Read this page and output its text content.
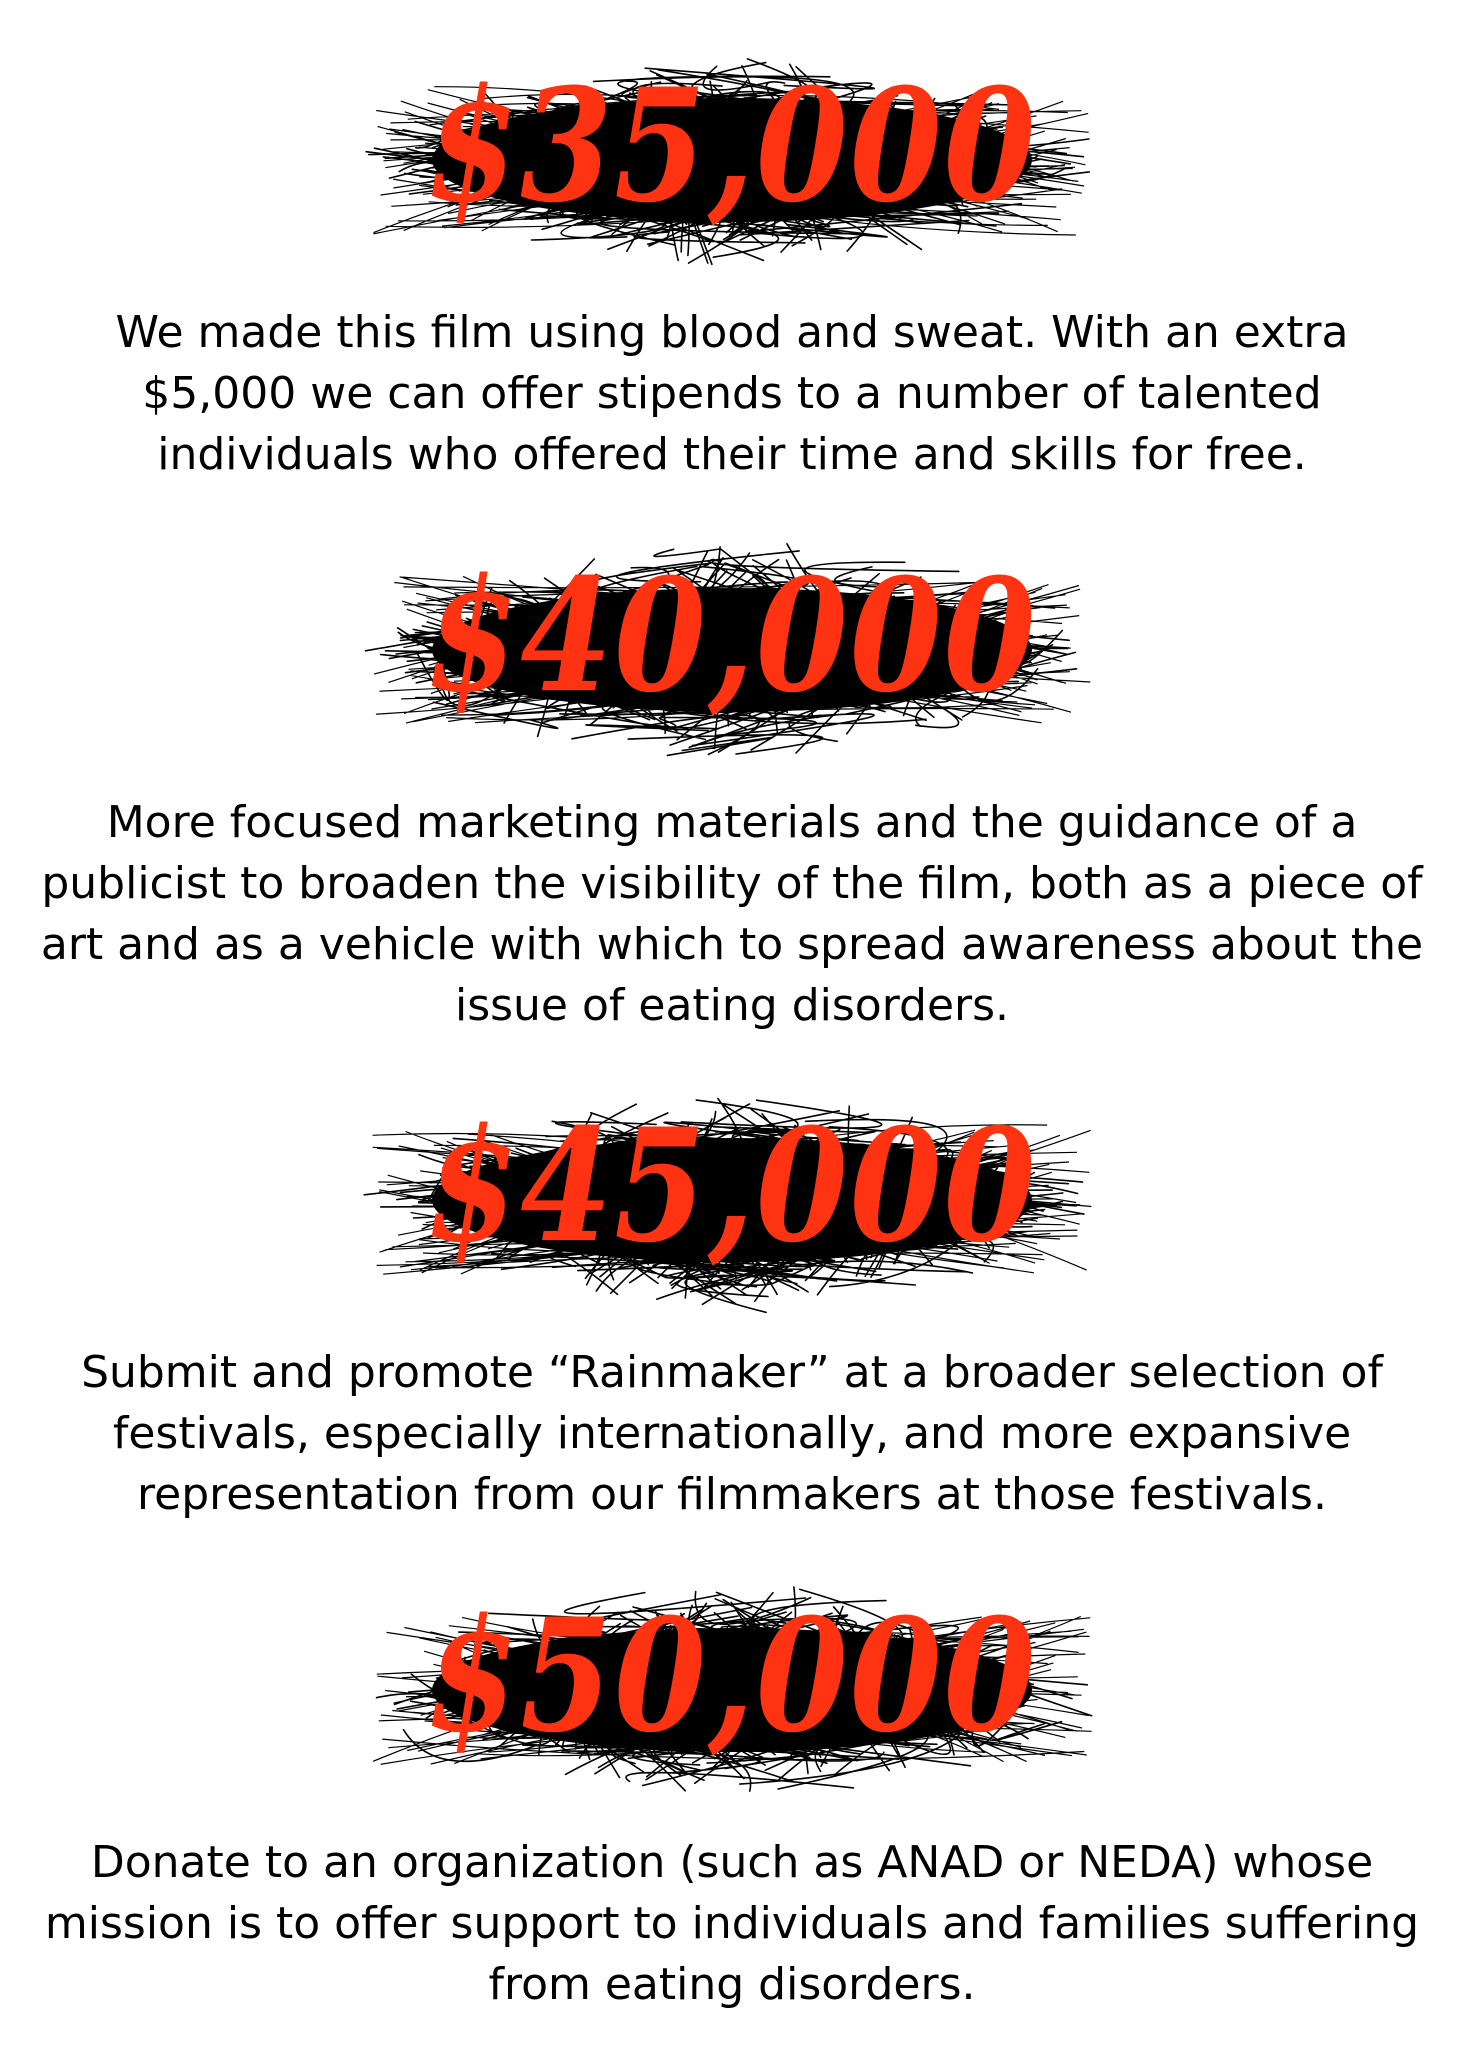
$35,000

We made this film using blood and sweat. With an extra $5,000 we can offer stipends to a number of talented individuals who offered their time and skills for free.

$40,000

More focused marketing materials and the guidance of a publicist to broaden the visibility of the film, both as a piece of art and as a vehicle with which to spread awareness about the issue of eating disorders.

$45,000

Submit and promote “Rainmaker” at a broader selection of festivals, especially internationally, and more expansive representation from our filmmakers at those festivals.

$50,000

Donate to an organization (such as ANAD or NEDA) whose mission is to offer support to individuals and families suffering from eating disorders.
